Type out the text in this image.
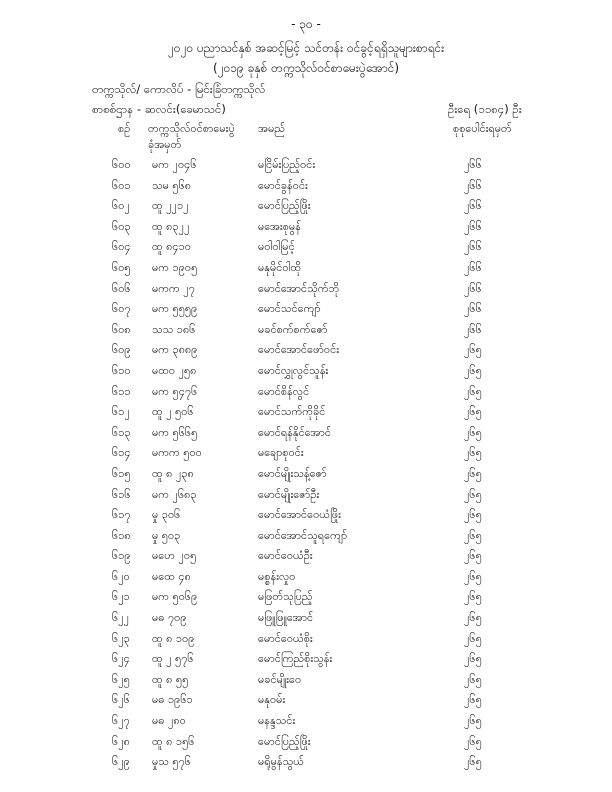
- ၃၀ -
၂၀၂၀ ပညာသင်နှစ် အဆင့်မြင့် သင်တန်း ဝင်ခွင့်ရရှိသူများစာရင်း
(၂၀၁၉ ခုနှစ် တက္ကသိုလ်ဝင်စာမေးပွဲအောင်)
တက္ကသိုလ်/ ကောလိပ် - မြင်းခြံတက္ကသိုလ်
စာစစ်ဌာန - ဆလင်း(ခေမာသင်)	ဦးရေ (၁၁၈၄) ဦး
စဉ် တက္ကသိုလ်ဝင်စာမေးပွဲ အမည်	စုစုပေါင်းရမှတ်
ခုံအမှတ်
၆၀၀ မက ၂၀၄၆	မငြိမ်းပြည့်ဝင်း	၂၆၆
၆၀၁ သမ ၅၆၈	မောင်ခွန်ဝင်း	၂၆၆
၆၀၂ ထူ ၂၂၁၂	မောင်ပြည့်ဖြိုး	၂၆၆
၆၀၃ ထူ ၈၃၂၂	မအေးစုမွန်	၂၆၆
၆၀၄ ထူ ၈၄၁၀	မဝါဝါမြင့်	၂၆၆
၆၀၅ မက ၁၉၀၅	မနုမိုင်ဝါထို	၂၆၆
၆၀၆ မကက ၂၇	မောင်အောင်သိုက်ဘို	၂၆၆
၆၀၇ မက ၅၅၅၉	မောင်သင်ကျော်	၂၆၆
၆၀၈ သသ ၁၈၆	မခင်စက်စက်ဇော်	၂၆၆
၆၀၉ မက ၃၈၈၉	မောင်အောင်ဖော်ဝင်း	၂၆၅
၆၁၀ မထဝ ၂၅၈	မောင်လွှုလွင်သူန်း	၂၆၅
၆၁၁ မက ၅၄၇၆	မောင်စိန်လွင်	၂၆၅
၆၁၂ ထူ ၂ ၅၀၆	မောင်သက်ကိုခိုင်	၂၆၅
၆၁၃ မက ၅၆၆၅	မောင်ရန်နိုင်အောင်	၂၆၅
၆၁၄ မကက ၅၀၀	မချောစုဝင်း	၂၆၅
၆၁၅ ထူ ၈ ၂၃၈	မောင်မျိုးသန့်ဇော်	၂၆၅
၆၁၆ မက ၂၆၈၃	မောင်မျိုးဇော်ဦး	၂၆၅
၆၁၇ မှု ၃၀၆	မောင်အောင်ဝေယံဖြိုး	၂၆၅
၆၁၈ မှု ၅၀၃	မောင်အောင်သူရကျော်	၂၆၅
၆၁၉ မဟေ ၂၀၅	မောင်ဝေယံဦး	၂၆၅
၆၂၀ မထေ ၄၈	မစ္စန်းလှုဝ	၂၆၅
၆၂၁ မက ၅၀၆၉	မဖြတ်သုပြည့်	၂၆၅
၆၂၂ မဓ ၇၀၉	မဖြူဖြူအောင်	၂၆၅
၆၂၃ ထူ ၈ ၁၀၉	မောင်ဝေယံစိုး	၂၆၅
၆၂၄ ထူ ၂ ၅၇၆	မောင်ကြည်စိုးသွန်း	၂၆၅
၆၂၅ ထူ ၈ ၅၅	မခင်မျိုးဝေ	၂၆၅
၆၂၆ မဓ ၁၉၆၁	မနုဝမ်း	၂၆၅
၆၂၇ မဓ ၂၈၀	မနန္ဒသင်း	၂၆၅
၆၂၈ ထူ ၈ ၁၅၆	မောင်ပြည့်ဖြိုး	၂၆၅
၆၂၉ မှုသ ၅၇၆	မရိုမွန်သွယ်	၂၆၅
